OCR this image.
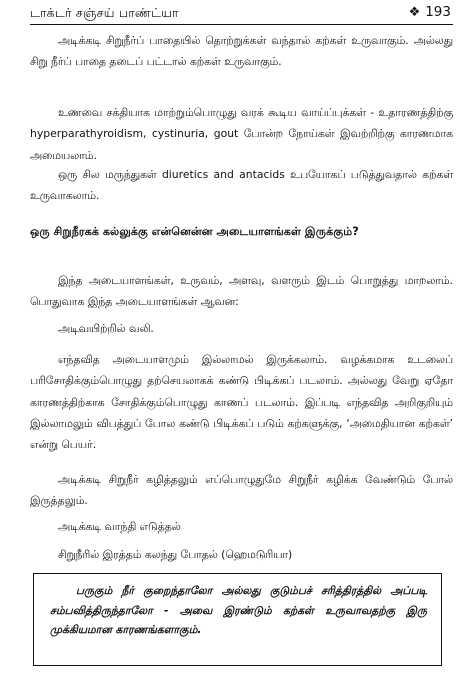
டாக்டர் சஞ்சய் பாண்ட்யா	❖ 193

அடிக்கடி சிறுநீர்ப் பாதையில் தொற்றுக்கள் வந்தால் கற்கள் உருவாகும். அல்லது சிறு நீர்ப் பாதை தடைப் பட்டால் கற்கள் உருவாகும்.

உணவை சக்தியாக மாற்றும்பொழுது வரக் கூடிய வாய்ப்புக்கள் - உதாரணத்திற்கு hyperparathyroidism, cystinuria, gout போன்ற நோய்கள் இவற்றிற்கு காரணமாக அமையலாம்.

ஒரு சில மருந்துகள் diuretics and antacids உபயோகப் படுத்துவதால் கற்கள் உருவாகலாம்.

ஒரு சிறுநீரகக் கல்லுக்கு என்னென்ன அடையாளங்கள் இருக்கும்?

இந்த அடையாளங்கள், உருவம், அளவு, வளரும் இடம் பொறுத்து மாறலாம். பொதுவாக இந்த அடையாளங்கள் ஆவன:

அடிவயிற்றில் வலி.

எந்தவித அடையாளமும் இல்லாமல் இருக்கலாம். வழக்கமாக உடலைப் பரிசோதிக்கும்பொழுது தற்செயலாகக் கண்டு பிடிக்கப் படலாம். அல்லது வேறு ஏதோ காரணத்திற்காக சோதிக்கும்பொழுது காணப் படலாம். இப்படி எந்தவித அறிகுறியும் இல்லாமலும் விபத்துப் போல கண்டு பிடிக்கப் படும் கற்களுக்கு, ‘அமைதியான கற்கள்’ என்று பெயர்.

அடிக்கடி சிறுநீர் கழித்தலும் எப்பொழுதுமே சிறுநீர் கழிக்க வேண்டும் போல் இருத்தலும்.

அடிக்கடி வாந்தி எடுத்தல்

சிறுநீரில் இரத்தம் கலந்து போதல் (ஹெமடுரியா)

பருகும் நீர் குறைந்தாலோ அல்லது குடும்பச் சரித்திரத்தில் அப்படி சம்பவித்திருந்தாலோ - அவை இரண்டும் கற்கள் உருவாவதற்கு இரு முக்கியமான காரணங்களாகும்.
